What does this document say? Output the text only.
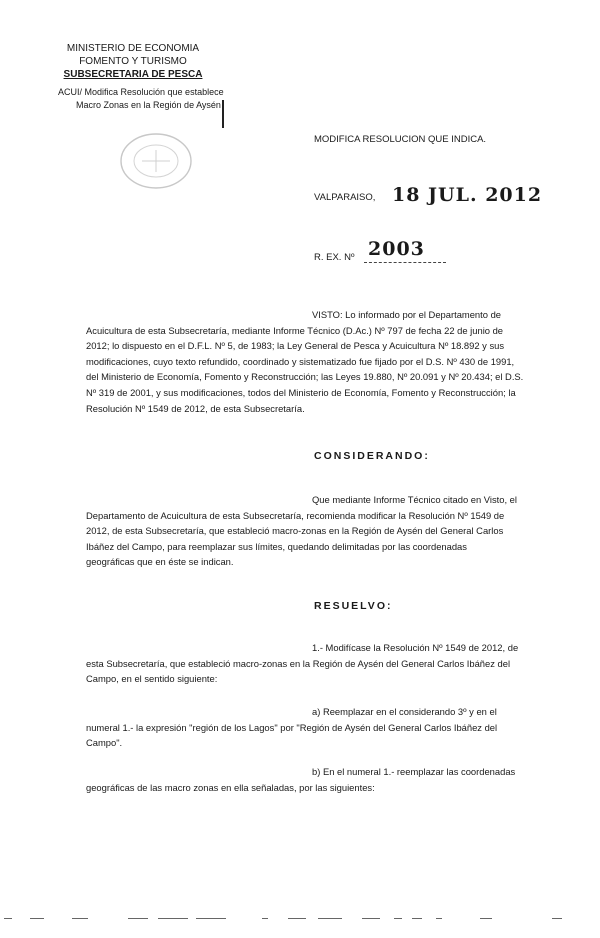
MINISTERIO DE ECONOMIA
FOMENTO Y TURISMO
SUBSECRETARIA DE PESCA
ACUI/ Modifica Resolución que establece
Macro Zonas en la Región de Aysén
MODIFICA RESOLUCION QUE INDICA.
VALPARAISO, 18 JUL. 2012
R. EX. Nº 2003
VISTO: Lo informado por el Departamento de
Acuicultura de esta Subsecretaría, mediante Informe Técnico (D.Ac.) Nº 797 de fecha 22 de junio de
2012; lo dispuesto en el D.F.L. Nº 5, de 1983; la Ley General de Pesca y Acuicultura Nº 18.892 y sus
modificaciones, cuyo texto refundido, coordinado y sistematizado fue fijado por el D.S. Nº 430 de 1991,
del Ministerio de Economía, Fomento y Reconstrucción; las Leyes 19.880, Nº 20.091 y Nº 20.434; el D.S.
Nº 319 de 2001, y sus modificaciones, todos del Ministerio de Economía, Fomento y Reconstrucción; la
Resolución Nº 1549 de 2012, de esta Subsecretaría.
CONSIDERANDO:
Que mediante Informe Técnico citado en Visto, el
Departamento de Acuicultura de esta Subsecretaría, recomienda modificar la Resolución Nº 1549 de
2012, de esta Subsecretaría, que estableció macro-zonas en la Región de Aysén del General Carlos
Ibáñez del Campo, para reemplazar sus límites, quedando delimitadas por las coordenadas
geográficas que en éste se indican.
RESUELVO:
1.- Modifícase la Resolución Nº 1549 de 2012, de
esta Subsecretaría, que estableció macro-zonas en la Región de Aysén del General Carlos Ibáñez del
Campo, en el sentido siguiente:
a) Reemplazar en el considerando 3º y en el
numeral 1.- la expresión "región de los Lagos" por "Región de Aysén del General Carlos Ibáñez del
Campo".
b) En el numeral 1.- reemplazar las coordenadas
geográficas de las macro zonas en ella señaladas, por las siguientes:
